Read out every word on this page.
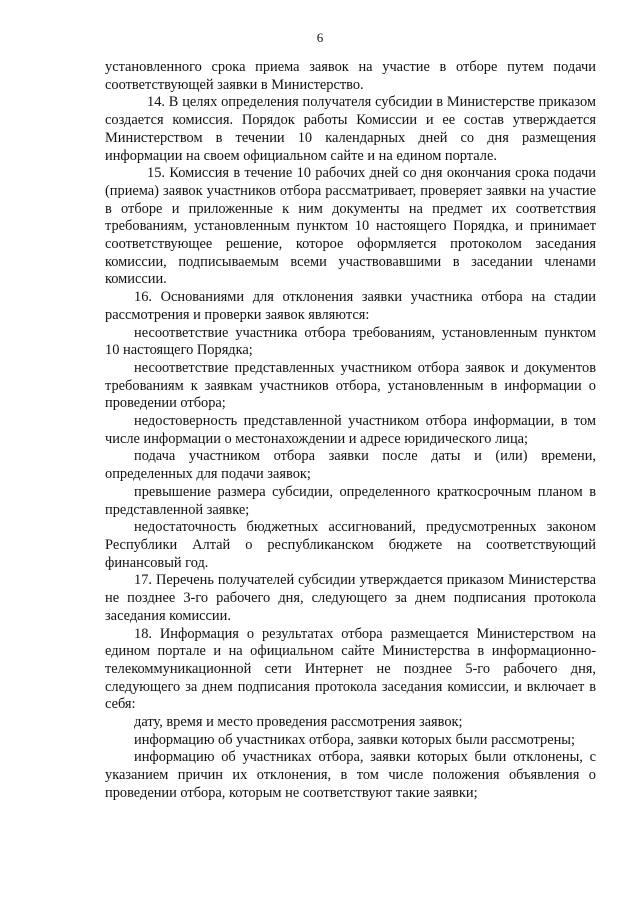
6

установленного срока приема заявок на участие в отборе путем подачи соответствующей заявки в Министерство.

14. В целях определения получателя субсидии в Министерстве приказом создается комиссия. Порядок работы Комиссии и ее состав утверждается Министерством в течении 10 календарных дней со дня размещения информации на своем официальном сайте и на едином портале.

15. Комиссия в течение 10 рабочих дней со дня окончания срока подачи (приема) заявок участников отбора рассматривает, проверяет заявки на участие в отборе и приложенные к ним документы на предмет их соответствия требованиям, установленным пунктом 10 настоящего Порядка, и принимает соответствующее решение, которое оформляется протоколом заседания комиссии, подписываемым всеми участвовавшими в заседании членами комиссии.

16. Основаниями для отклонения заявки участника отбора на стадии рассмотрения и проверки заявок являются:

несоответствие участника отбора требованиям, установленным пунктом 10 настоящего Порядка;

несоответствие представленных участником отбора заявок и документов требованиям к заявкам участников отбора, установленным в информации о проведении отбора;

недостоверность представленной участником отбора информации, в том числе информации о местонахождении и адресе юридического лица;

подача участником отбора заявки после даты и (или) времени, определенных для подачи заявок;

превышение размера субсидии, определенного краткосрочным планом в представленной заявке;

недостаточность бюджетных ассигнований, предусмотренных законом Республики Алтай о республиканском бюджете на соответствующий финансовый год.

17. Перечень получателей субсидии утверждается приказом Министерства не позднее 3-го рабочего дня, следующего за днем подписания протокола заседания комиссии.

18. Информация о результатах отбора размещается Министерством на едином портале и на официальном сайте Министерства в информационно-телекоммуникационной сети Интернет не позднее 5-го рабочего дня, следующего за днем подписания протокола заседания комиссии, и включает в себя:

дату, время и место проведения рассмотрения заявок;

информацию об участниках отбора, заявки которых были рассмотрены;

информацию об участниках отбора, заявки которых были отклонены, с указанием причин их отклонения, в том числе положения объявления о проведении отбора, которым не соответствуют такие заявки;
